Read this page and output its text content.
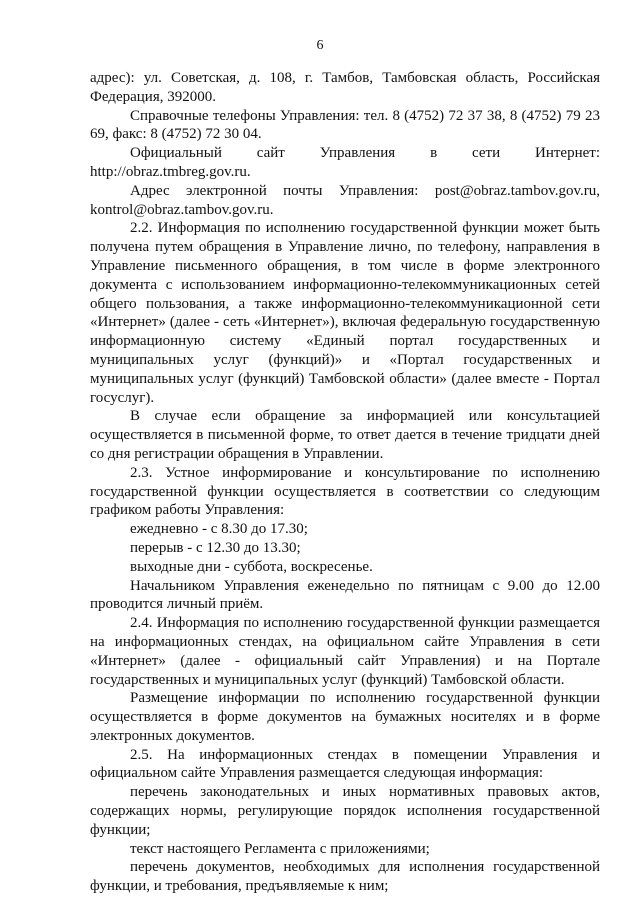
6

адрес): ул. Советская, д. 108, г. Тамбов, Тамбовская область, Российская Федерация, 392000.

Справочные телефоны Управления: тел. 8 (4752) 72 37 38, 8 (4752) 79 23 69, факс: 8 (4752) 72 30 04.

Официальный сайт Управления в сети Интернет: http://obraz.tmbreg.gov.ru.

Адрес электронной почты Управления: post@obraz.tambov.gov.ru, kontrol@obraz.tambov.gov.ru.

2.2. Информация по исполнению государственной функции может быть получена путем обращения в Управление лично, по телефону, направления в Управление письменного обращения, в том числе в форме электронного документа с использованием информационно-телекоммуникационных сетей общего пользования, а также информационно-телекоммуникационной сети «Интернет» (далее - сеть «Интернет»), включая федеральную государственную информационную систему «Единый портал государственных и муниципальных услуг (функций)» и «Портал государственных и муниципальных услуг (функций) Тамбовской области» (далее вместе - Портал госуслуг).

В случае если обращение за информацией или консультацией осуществляется в письменной форме, то ответ дается в течение тридцати дней со дня регистрации обращения в Управлении.

2.3. Устное информирование и консультирование по исполнению государственной функции осуществляется в соответствии со следующим графиком работы Управления:

ежедневно - с 8.30 до 17.30;

перерыв - с 12.30 до 13.30;

выходные дни - суббота, воскресенье.

Начальником Управления еженедельно по пятницам с 9.00 до 12.00 проводится личный приём.

2.4. Информация по исполнению государственной функции размещается на информационных стендах, на официальном сайте Управления в сети «Интернет» (далее - официальный сайт Управления) и на Портале государственных и муниципальных услуг (функций) Тамбовской области.

Размещение информации по исполнению государственной функции осуществляется в форме документов на бумажных носителях и в форме электронных документов.

2.5. На информационных стендах в помещении Управления и официальном сайте Управления размещается следующая информация:

перечень законодательных и иных нормативных правовых актов, содержащих нормы, регулирующие порядок исполнения государственной функции;

текст настоящего Регламента с приложениями;

перечень документов, необходимых для исполнения государственной функции, и требования, предъявляемые к ним;
